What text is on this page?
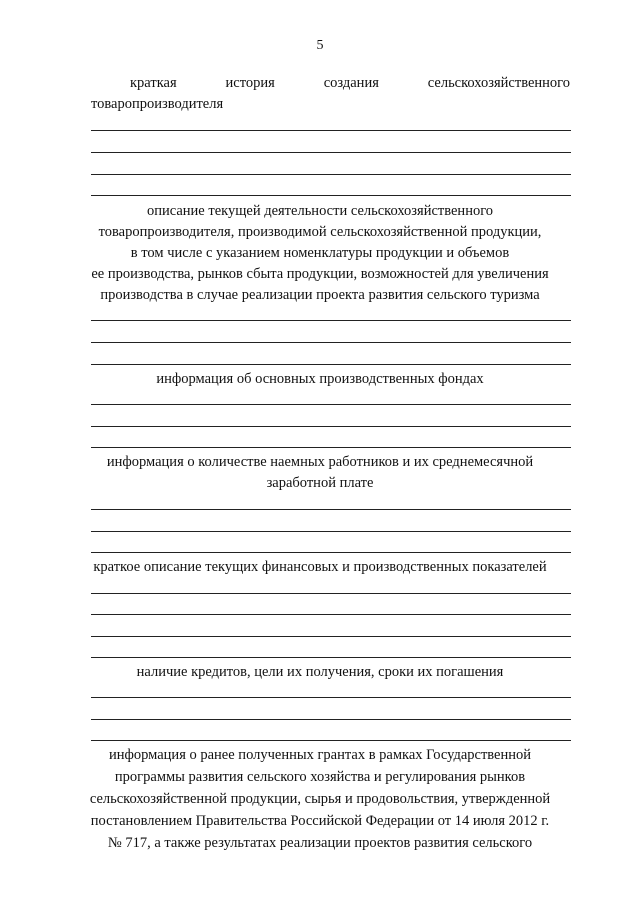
5
краткая	история	создания	сельскохозяйственного
товаропроизводителя
описание текущей деятельности сельскохозяйственного
товаропроизводителя, производимой сельскохозяйственной продукции,
в том числе с указанием номенклатуры продукции и объемов
ее производства, рынков сбыта продукции, возможностей для увеличения
производства в случае реализации проекта развития сельского туризма
информация об основных производственных фондах
информация о количестве наемных работников и их среднемесячной
заработной плате
краткое описание текущих финансовых и производственных показателей
наличие кредитов, цели их получения, сроки их погашения
информация о ранее полученных грантах в рамках Государственной
программы развития сельского хозяйства и регулирования рынков
сельскохозяйственной продукции, сырья и продовольствия, утвержденной
постановлением Правительства Российской Федерации от 14 июля 2012 г.
№ 717, а также результатах реализации проектов развития сельского
